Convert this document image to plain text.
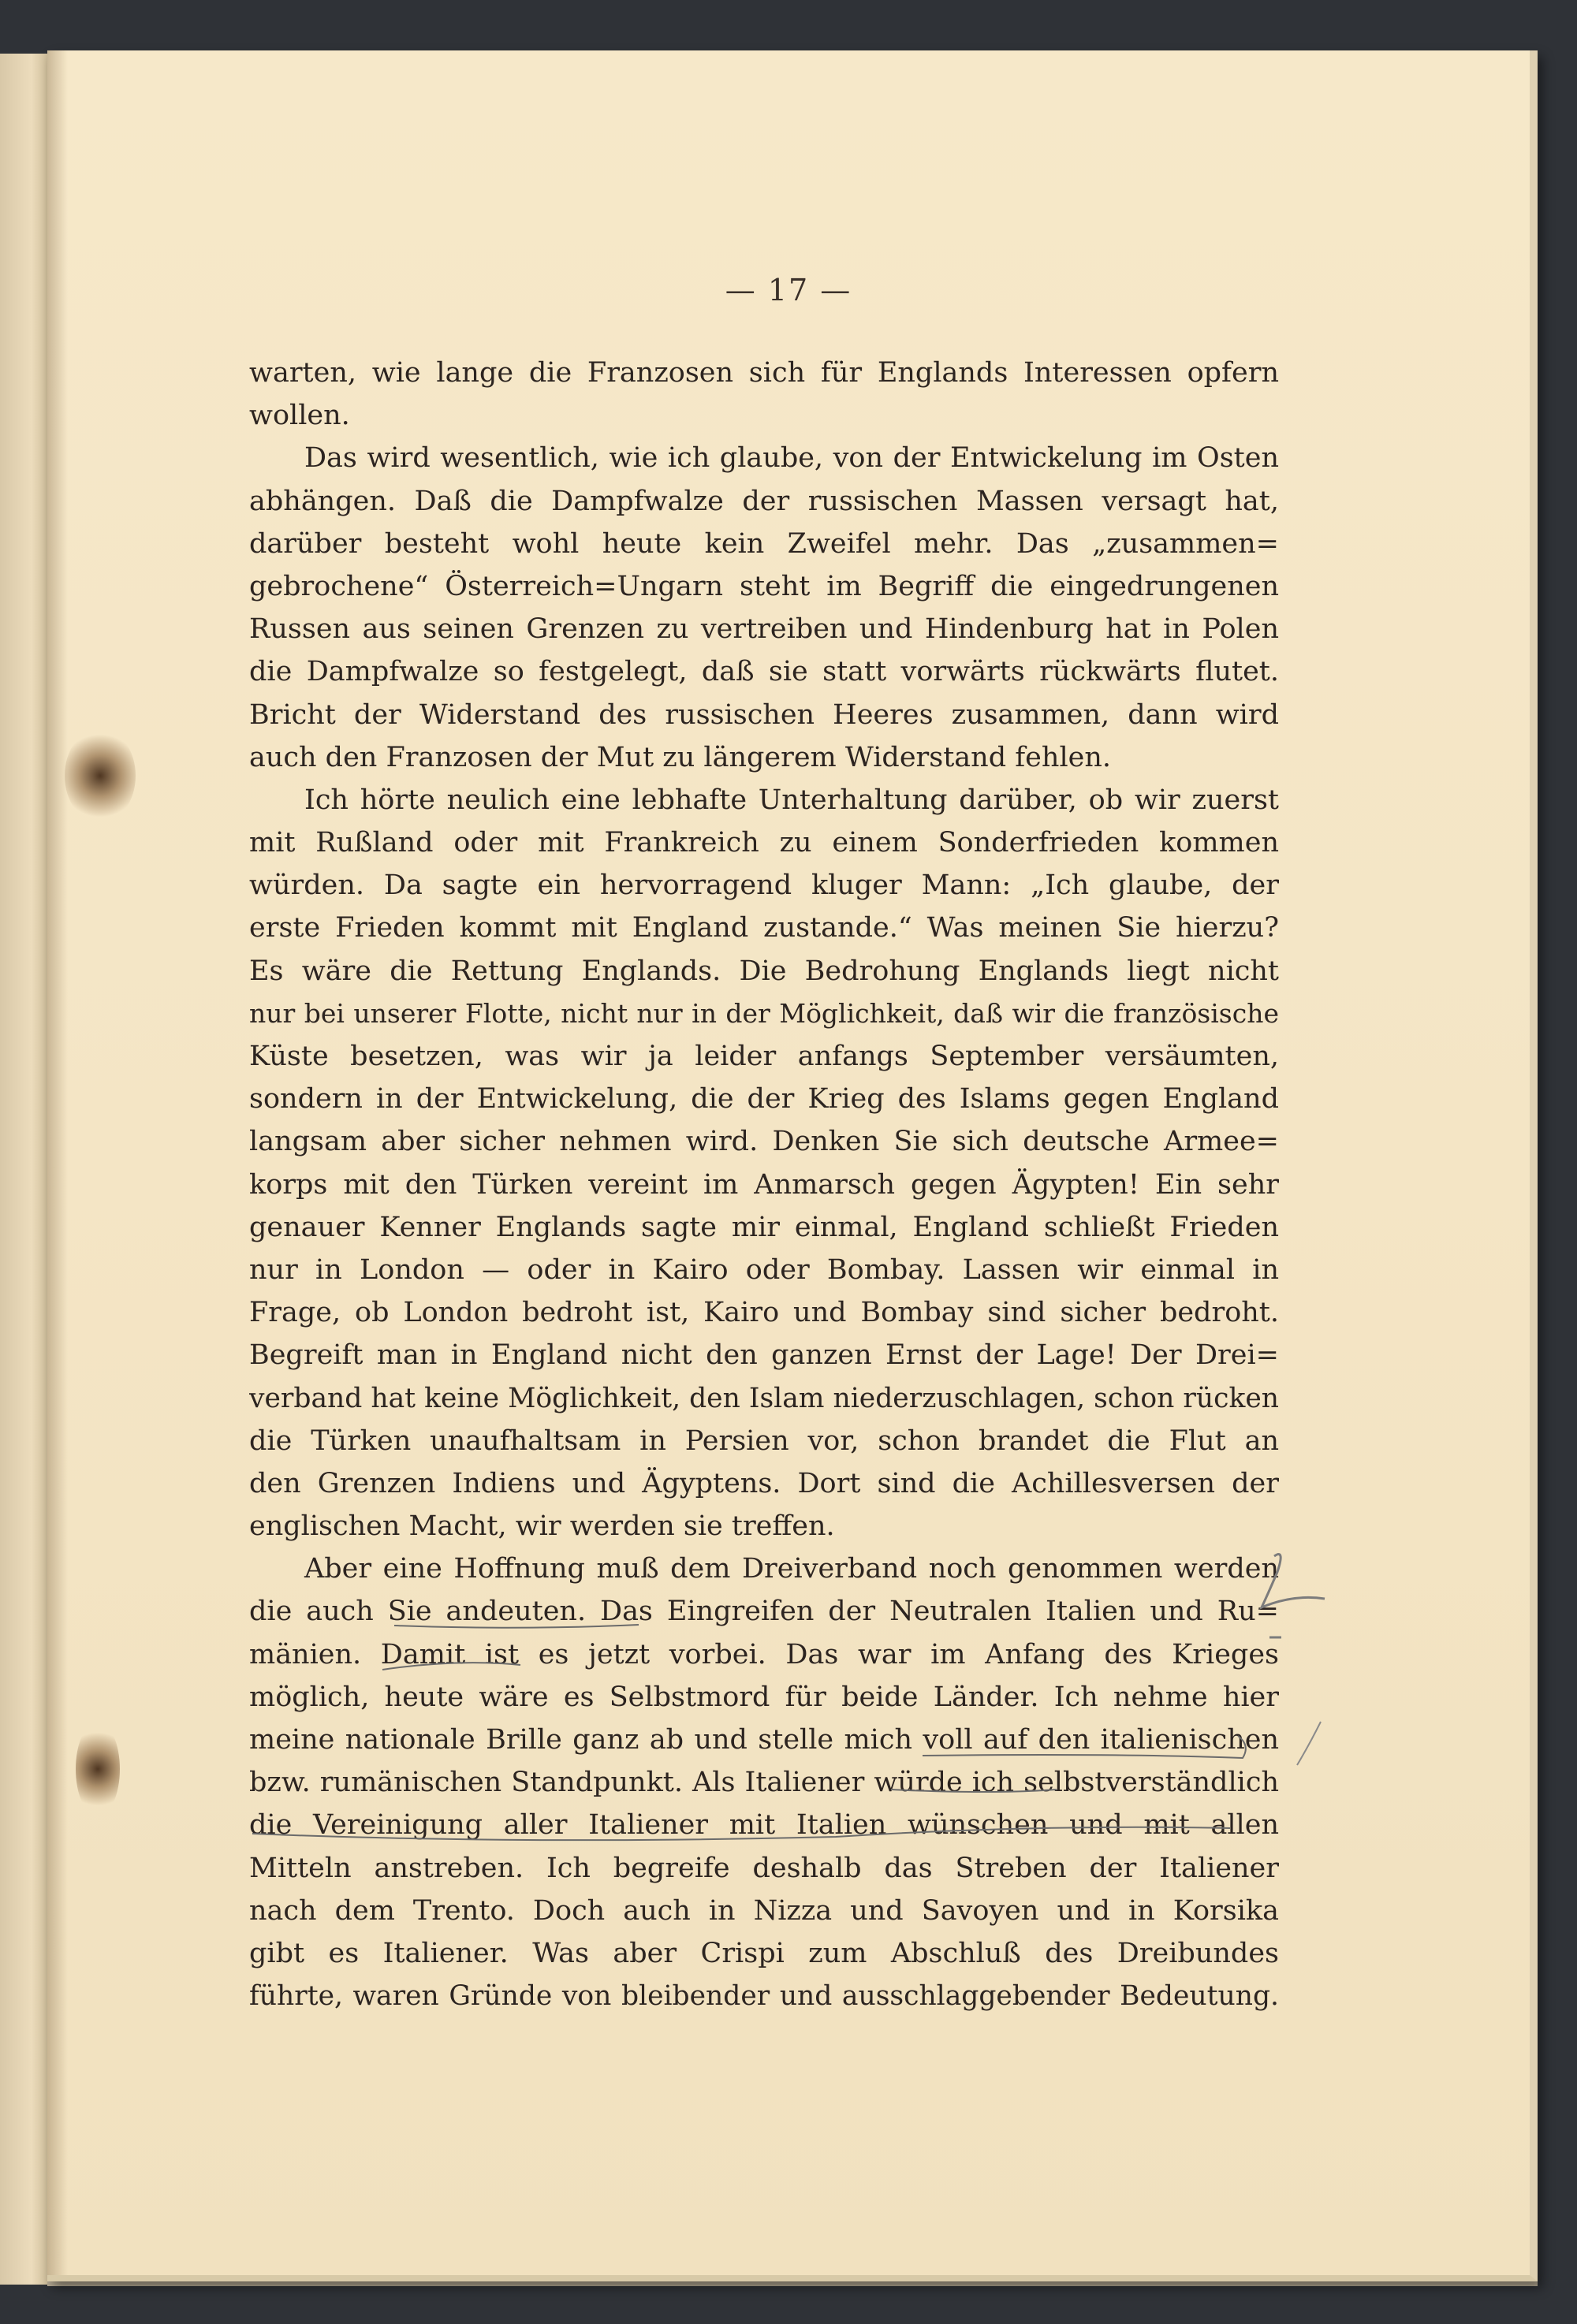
— 17 —
warten, wie lange die Franzosen sich für Englands Interessen opfern
wollen.
Das wird wesentlich, wie ich glaube, von der Entwickelung im Osten
abhängen. Daß die Dampfwalze der russischen Massen versagt hat,
darüber besteht wohl heute kein Zweifel mehr. Das „zusammen=
gebrochene“ Österreich=Ungarn steht im Begriff die eingedrungenen
Russen aus seinen Grenzen zu vertreiben und Hindenburg hat in Polen
die Dampfwalze so festgelegt, daß sie statt vorwärts rückwärts flutet.
Bricht der Widerstand des russischen Heeres zusammen, dann wird
auch den Franzosen der Mut zu längerem Widerstand fehlen.
Ich hörte neulich eine lebhafte Unterhaltung darüber, ob wir zuerst
mit Rußland oder mit Frankreich zu einem Sonderfrieden kommen
würden. Da sagte ein hervorragend kluger Mann: „Ich glaube, der
erste Frieden kommt mit England zustande.“ Was meinen Sie hierzu?
Es wäre die Rettung Englands. Die Bedrohung Englands liegt nicht
nur bei unserer Flotte, nicht nur in der Möglichkeit, daß wir die französische
Küste besetzen, was wir ja leider anfangs September versäumten,
sondern in der Entwickelung, die der Krieg des Islams gegen England
langsam aber sicher nehmen wird. Denken Sie sich deutsche Armee=
korps mit den Türken vereint im Anmarsch gegen Ägypten! Ein sehr
genauer Kenner Englands sagte mir einmal, England schließt Frieden
nur in London — oder in Kairo oder Bombay. Lassen wir einmal in
Frage, ob London bedroht ist, Kairo und Bombay sind sicher bedroht.
Begreift man in England nicht den ganzen Ernst der Lage! Der Drei=
verband hat keine Möglichkeit, den Islam niederzuschlagen, schon rücken
die Türken unaufhaltsam in Persien vor, schon brandet die Flut an
den Grenzen Indiens und Ägyptens. Dort sind die Achillesversen der
englischen Macht, wir werden sie treffen.
Aber eine Hoffnung muß dem Dreiverband noch genommen werden
die auch Sie andeuten. Das Eingreifen der Neutralen Italien und Ru=
mänien. Damit ist es jetzt vorbei. Das war im Anfang des Krieges
möglich, heute wäre es Selbstmord für beide Länder. Ich nehme hier
meine nationale Brille ganz ab und stelle mich voll auf den italienischen
bzw. rumänischen Standpunkt. Als Italiener würde ich selbstverständlich
die Vereinigung aller Italiener mit Italien wünschen und mit allen
Mitteln anstreben. Ich begreife deshalb das Streben der Italiener
nach dem Trento. Doch auch in Nizza und Savoyen und in Korsika
gibt es Italiener. Was aber Crispi zum Abschluß des Dreibundes
führte, waren Gründe von bleibender und ausschlaggebender Bedeutung.
